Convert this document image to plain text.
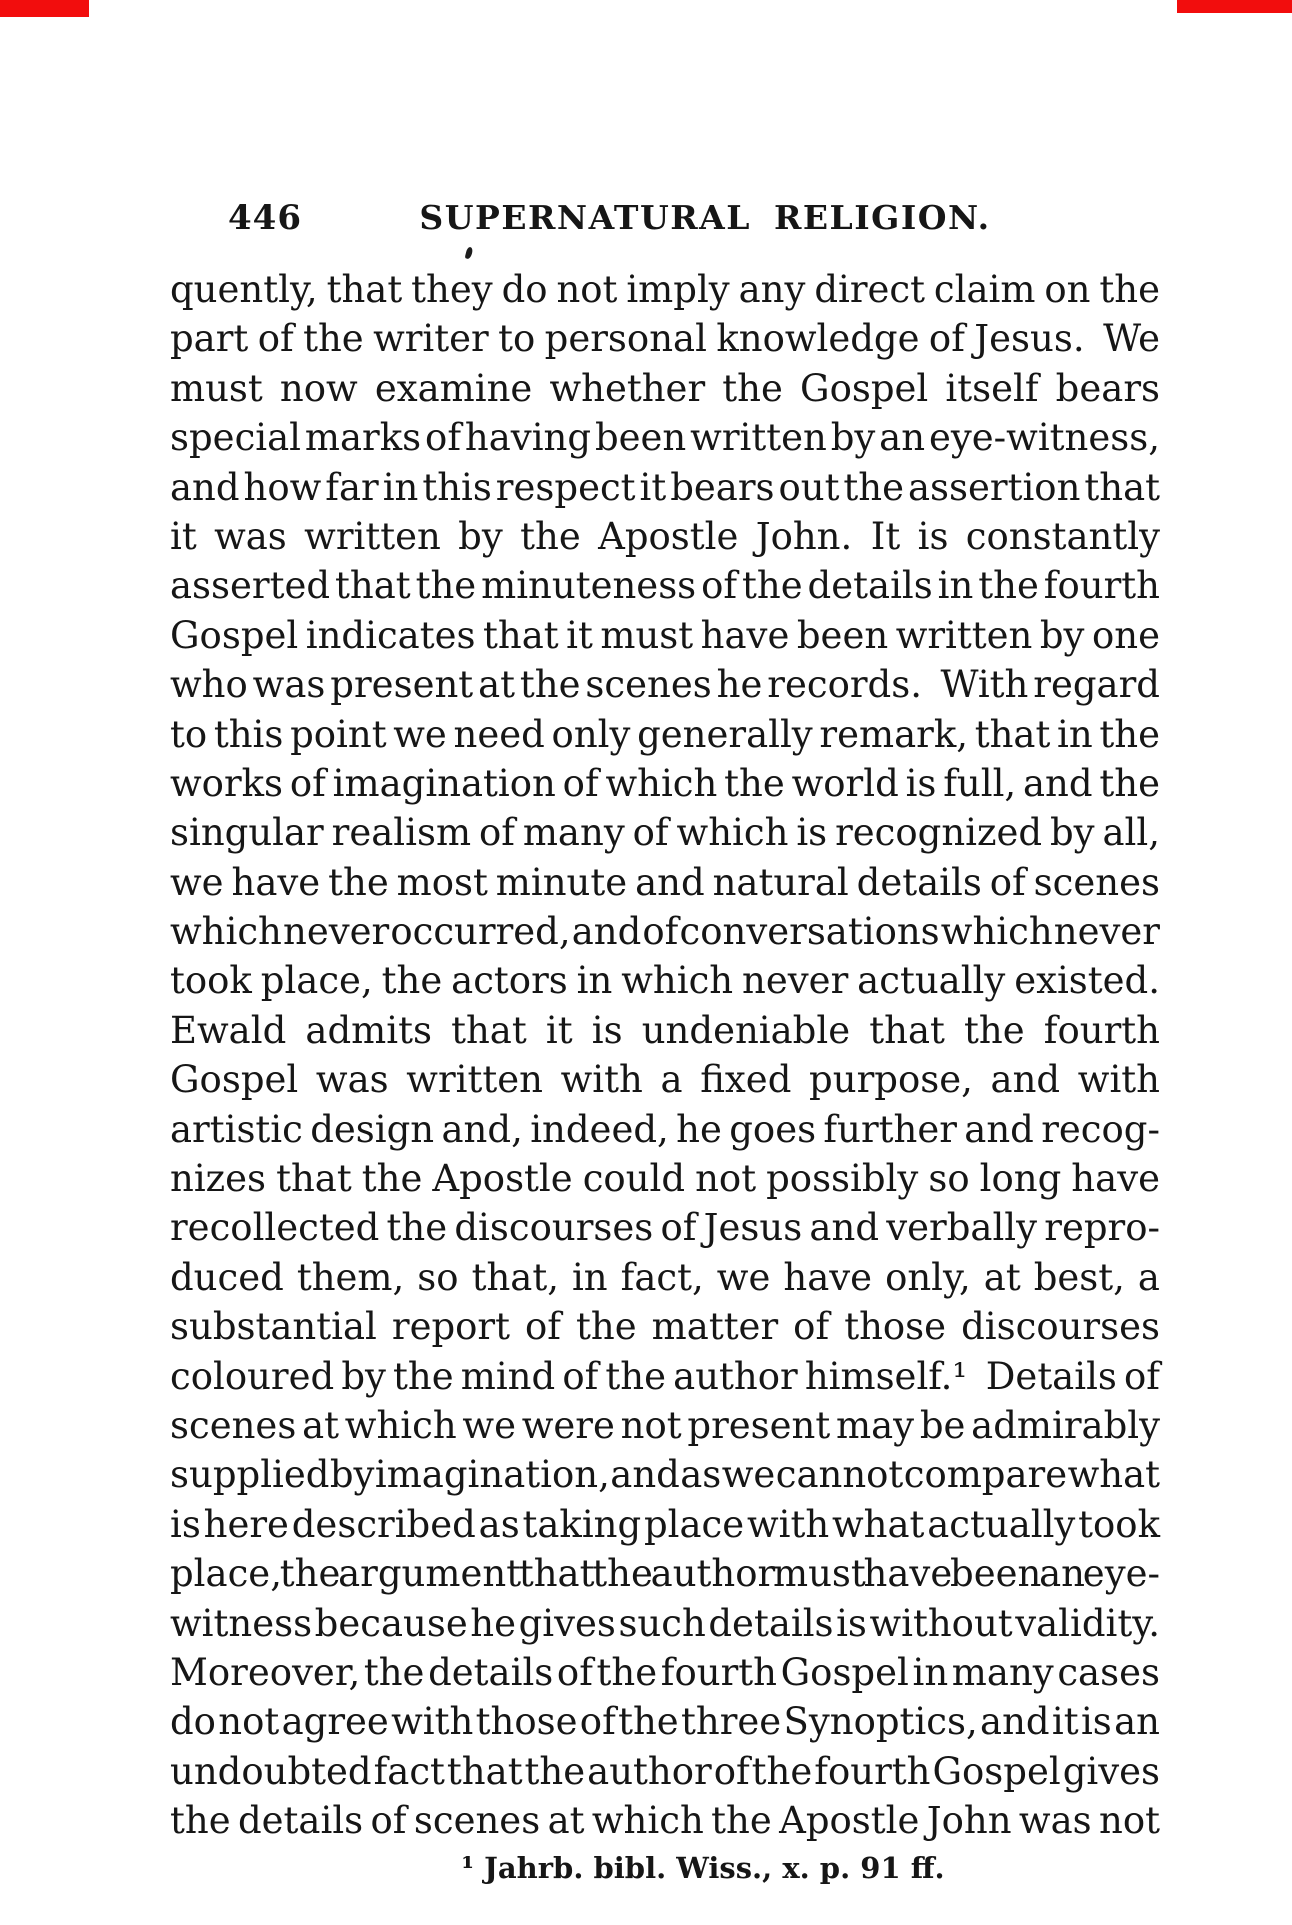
446	SUPERNATURAL RELIGION.
quently, that they do not imply any direct claim on the
part of the writer to personal knowledge of Jesus. We
must now examine whether the Gospel itself bears
special marks of having been written by an eye-witness,
and how far in this respect it bears out the assertion that
it was written by the Apostle John. It is constantly
asserted that the minuteness of the details in the fourth
Gospel indicates that it must have been written by one
who was present at the scenes he records. With regard
to this point we need only generally remark, that in the
works of imagination of which the world is full, and the
singular realism of many of which is recognized by all,
we have the most minute and natural details of scenes
which never occurred, and of conversations which never
took place, the actors in which never actually existed.
Ewald admits that it is undeniable that the fourth
Gospel was written with a fixed purpose, and with
artistic design and, indeed, he goes further and recog-
nizes that the Apostle could not possibly so long have
recollected the discourses of Jesus and verbally repro-
duced them, so that, in fact, we have only, at best, a
substantial report of the matter of those discourses
coloured by the mind of the author himself.¹ Details of
scenes at which we were not present may be admirably
supplied by imagination, and as we cannot compare what
is here described as taking place with what actually took
place, the argument that the author must have been an eye-
witness because he gives such details is without validity.
Moreover, the details of the fourth Gospel in many cases
do not agree with those of the three Synoptics, and it is an
undoubted fact that the author of the fourth Gospel gives
the details of scenes at which the Apostle John was not
¹ Jahrb. bibl. Wiss., x. p. 91 ff.
